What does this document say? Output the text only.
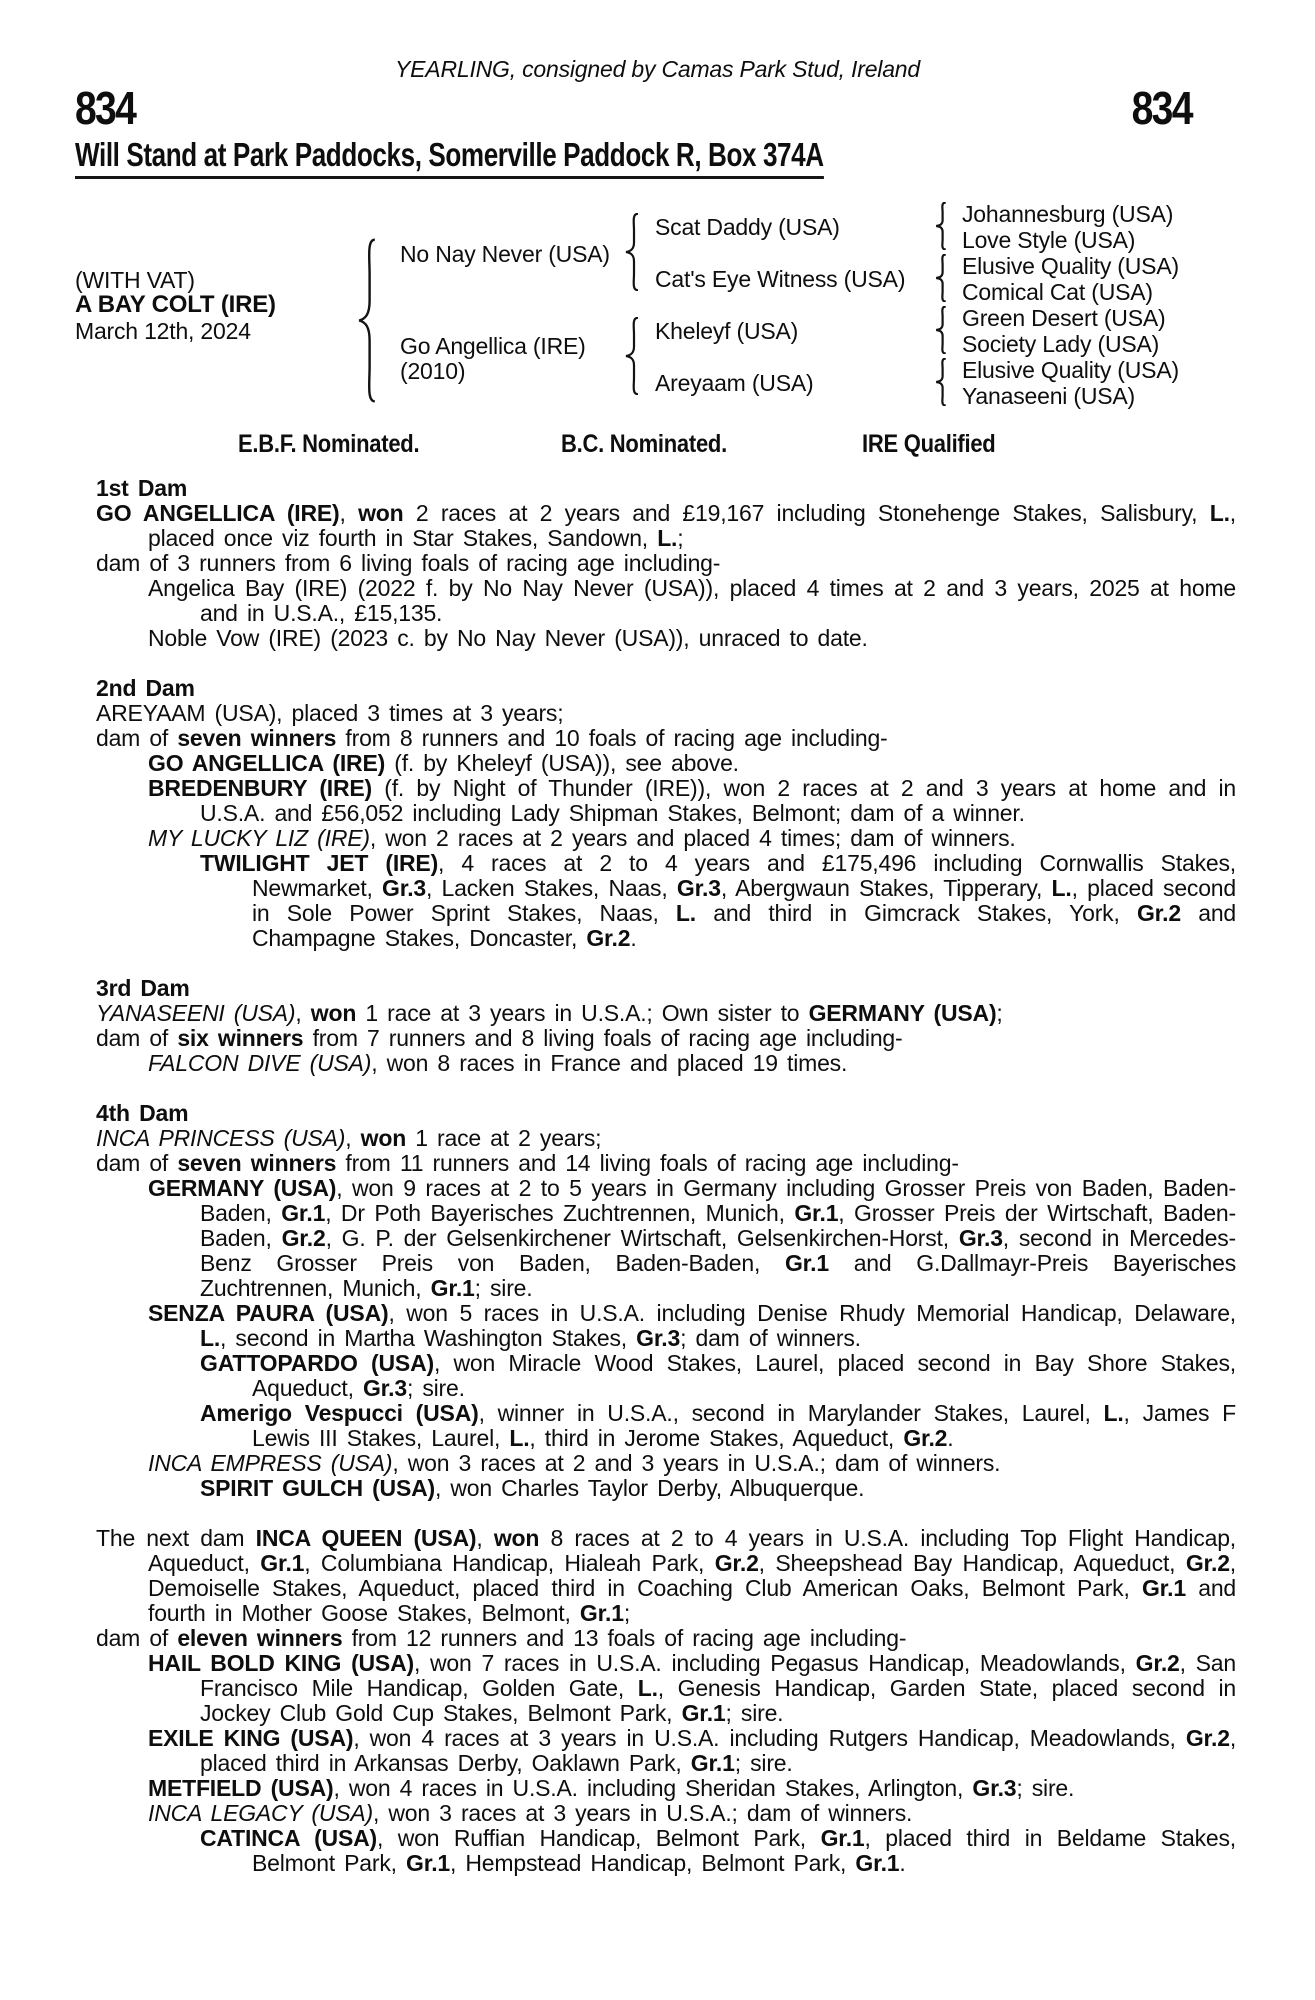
YEARLING, consigned by Camas Park Stud, Ireland
834	834
Will Stand at Park Paddocks, Somerville Paddock R, Box 374A
(WITH VAT)
A BAY COLT (IRE)
March 12th, 2024
No Nay Never (USA)
Go Angellica (IRE)
(2010)
Scat Daddy (USA)
Cat's Eye Witness (USA)
Kheleyf (USA)
Areyaam (USA)
Johannesburg (USA)
Love Style (USA)
Elusive Quality (USA)
Comical Cat (USA)
Green Desert (USA)
Society Lady (USA)
Elusive Quality (USA)
Yanaseeni (USA)
E.B.F. Nominated.	B.C. Nominated.	IRE Qualified

1st Dam

GO ANGELLICA (IRE), won 2 races at 2 years and £19,167 including Stonehenge Stakes, Salisbury, L., placed once viz fourth in Star Stakes, Sandown, L.;

dam of 3 runners from 6 living foals of racing age including-

Angelica Bay (IRE) (2022 f. by No Nay Never (USA)), placed 4 times at 2 and 3 years, 2025 at home and in U.S.A., £15,135.

Noble Vow (IRE) (2023 c. by No Nay Never (USA)), unraced to date.

2nd Dam

AREYAAM (USA), placed 3 times at 3 years;

dam of seven winners from 8 runners and 10 foals of racing age including-

GO ANGELLICA (IRE) (f. by Kheleyf (USA)), see above.

BREDENBURY (IRE) (f. by Night of Thunder (IRE)), won 2 races at 2 and 3 years at home and in U.S.A. and £56,052 including Lady Shipman Stakes, Belmont; dam of a winner.

MY LUCKY LIZ (IRE), won 2 races at 2 years and placed 4 times; dam of winners.

TWILIGHT JET (IRE), 4 races at 2 to 4 years and £175,496 including Cornwallis Stakes, Newmarket, Gr.3, Lacken Stakes, Naas, Gr.3, Abergwaun Stakes, Tipperary, L., placed second in Sole Power Sprint Stakes, Naas, L. and third in Gimcrack Stakes, York, Gr.2 and Champagne Stakes, Doncaster, Gr.2.

3rd Dam

YANASEENI (USA), won 1 race at 3 years in U.S.A.; Own sister to GERMANY (USA);

dam of six winners from 7 runners and 8 living foals of racing age including-

FALCON DIVE (USA), won 8 races in France and placed 19 times.

4th Dam

INCA PRINCESS (USA), won 1 race at 2 years;

dam of seven winners from 11 runners and 14 living foals of racing age including-

GERMANY (USA), won 9 races at 2 to 5 years in Germany including Grosser Preis von Baden, Baden-Baden, Gr.1, Dr Poth Bayerisches Zuchtrennen, Munich, Gr.1, Grosser Preis der Wirtschaft, Baden-Baden, Gr.2, G. P. der Gelsenkirchener Wirtschaft, Gelsenkirchen-Horst, Gr.3, second in Mercedes-Benz Grosser Preis von Baden, Baden-Baden, Gr.1 and G.Dallmayr-Preis Bayerisches Zuchtrennen, Munich, Gr.1; sire.

SENZA PAURA (USA), won 5 races in U.S.A. including Denise Rhudy Memorial Handicap, Delaware, L., second in Martha Washington Stakes, Gr.3; dam of winners.

GATTOPARDO (USA), won Miracle Wood Stakes, Laurel, placed second in Bay Shore Stakes, Aqueduct, Gr.3; sire.

Amerigo Vespucci (USA), winner in U.S.A., second in Marylander Stakes, Laurel, L., James F Lewis III Stakes, Laurel, L., third in Jerome Stakes, Aqueduct, Gr.2.

INCA EMPRESS (USA), won 3 races at 2 and 3 years in U.S.A.; dam of winners.

SPIRIT GULCH (USA), won Charles Taylor Derby, Albuquerque.

The next dam INCA QUEEN (USA), won 8 races at 2 to 4 years in U.S.A. including Top Flight Handicap, Aqueduct, Gr.1, Columbiana Handicap, Hialeah Park, Gr.2, Sheepshead Bay Handicap, Aqueduct, Gr.2, Demoiselle Stakes, Aqueduct, placed third in Coaching Club American Oaks, Belmont Park, Gr.1 and fourth in Mother Goose Stakes, Belmont, Gr.1;

dam of eleven winners from 12 runners and 13 foals of racing age including-

HAIL BOLD KING (USA), won 7 races in U.S.A. including Pegasus Handicap, Meadowlands, Gr.2, San Francisco Mile Handicap, Golden Gate, L., Genesis Handicap, Garden State, placed second in Jockey Club Gold Cup Stakes, Belmont Park, Gr.1; sire.

EXILE KING (USA), won 4 races at 3 years in U.S.A. including Rutgers Handicap, Meadowlands, Gr.2, placed third in Arkansas Derby, Oaklawn Park, Gr.1; sire.

METFIELD (USA), won 4 races in U.S.A. including Sheridan Stakes, Arlington, Gr.3; sire.

INCA LEGACY (USA), won 3 races at 3 years in U.S.A.; dam of winners.

CATINCA (USA), won Ruffian Handicap, Belmont Park, Gr.1, placed third in Beldame Stakes, Belmont Park, Gr.1, Hempstead Handicap, Belmont Park, Gr.1.
